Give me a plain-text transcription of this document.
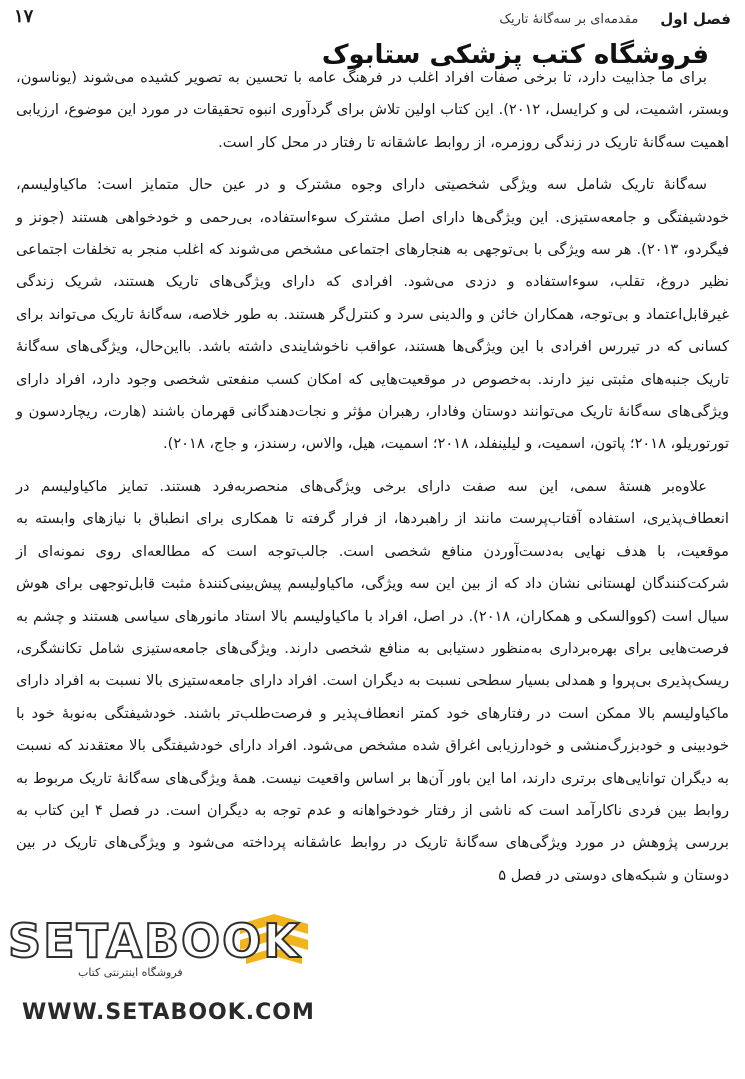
فصل اول
مقدمه‌ای بر سه‌گانهٔ تاریک
۱۷
فروشگاه کتب پزشکی ستابوک

برای ما جذابیت دارد، تا برخی صفات افراد اغلب در فرهنگ عامه با تحسین به تصویر کشیده می‌شوند (یوناسون، وبستر، اشمیت، لی و کرایسل، ۲۰۱۲). این کتاب اولین تلاش برای گردآوری انبوه تحقیقات در مورد این موضوع، ارزیابی اهمیت سه‌گانهٔ تاریک در زندگی روزمره، از روابط عاشقانه تا رفتار در محل کار است.

سه‌گانهٔ تاریک شامل سه ویژگی شخصیتی دارای وجوه مشترک و در عین حال متمایز است: ماکیاولیسم، خودشیفتگی و جامعه‌ستیزی. این ویژگی‌ها دارای اصل مشترک سوءاستفاده، بی‌رحمی و خودخواهی هستند (جونز و فیگردو، ۲۰۱۳). هر سه ویژگی با بی‌توجهی به هنجارهای اجتماعی مشخص می‌شوند که اغلب منجر به تخلفات اجتماعی نظیر دروغ، تقلب، سوءاستفاده و دزدی می‌شود. افرادی که دارای ویژگی‌های تاریک هستند، شریک زندگی غیرقابل‌اعتماد و بی‌توجه، همکاران خائن و والدینی سرد و کنترل‌گر هستند. به طور خلاصه، سه‌گانهٔ تاریک می‌تواند برای کسانی که در تیررس افرادی با این ویژگی‌ها هستند، عواقب ناخوشایندی داشته باشد. بااین‌حال، ویژگی‌های سه‌گانهٔ تاریک جنبه‌های مثبتی نیز دارند. به‌خصوص در موقعیت‌هایی که امکان کسب منفعتی شخصی وجود دارد، افراد دارای ویژگی‌های سه‌گانهٔ تاریک می‌توانند دوستان وفادار، رهبران مؤثر و نجات‌دهندگانی قهرمان باشند (هارت، ریچاردسون و تورتوریلو، ۲۰۱۸؛ پاتون، اسمیت، و لیلینفلد، ۲۰۱۸؛ اسمیت، هیل، والاس، رسندز، و جاج، ۲۰۱۸).

علاوه‌بر هستهٔ سمی، این سه صفت دارای برخی ویژگی‌های منحصربه‌فرد هستند. تمایز ماکیاولیسم در انعطاف‌پذیری، استفاده آفتاب‌پرست مانند از راهبردها، از فرار گرفته تا همکاری برای انطباق با نیازهای وابسته به موقعیت، با هدف نهایی به‌دست‌آوردن منافع شخصی است. جالب‌توجه است که مطالعه‌ای روی نمونه‌ای از شرکت‌کنندگان لهستانی نشان داد که از بین این سه ویژگی، ماکیاولیسم پیش‌بینی‌کنندهٔ مثبت قابل‌توجهی برای هوش سیال است (کووالسکی و همکاران، ۲۰۱۸). در اصل، افراد با ماکیاولیسم بالا استاد مانورهای سیاسی هستند و چشم به فرصت‌هایی برای بهره‌برداری به‌منظور دستیابی به منافع شخصی دارند. ویژگی‌های جامعه‌ستیزی شامل تکانشگری، ریسک‌پذیری بی‌پروا و همدلی بسیار سطحی نسبت به دیگران است. افراد دارای جامعه‌ستیزی بالا نسبت به افراد دارای ماکیاولیسم بالا ممکن است در رفتارهای خود کمتر انعطاف‌پذیر و فرصت‌طلب‌تر باشند. خودشیفتگی به‌نوبهٔ خود با خودبینی و خودبزرگ‌منشی و خودارزیابی اغراق شده مشخص می‌شود. افراد دارای خودشیفتگی بالا معتقدند که نسبت به دیگران توانایی‌های برتری دارند، اما این باور آن‌ها بر اساس واقعیت نیست. همهٔ ویژگی‌های سه‌گانهٔ تاریک مربوط به روابط بین فردی ناکارآمد است که ناشی از رفتار خودخواهانه و عدم توجه به دیگران است. در فصل ۴ این کتاب به بررسی پژوهش در مورد ویژگی‌های سه‌گانهٔ تاریک در روابط عاشقانه پرداخته می‌شود و ویژگی‌های تاریک در بین دوستان و شبکه‌های دوستی در فصل ۵

SETABOOK
فروشگاه اینترنتی کتاب
WWW.SETABOOK.COM
